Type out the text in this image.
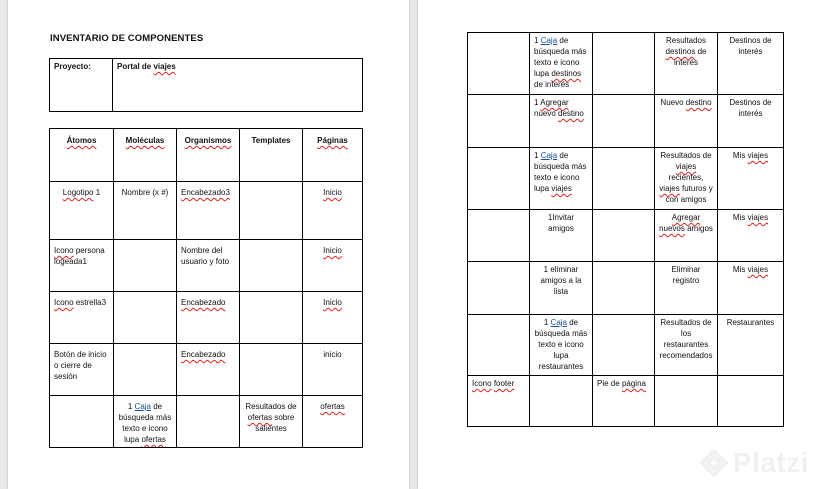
INVENTARIO DE COMPONENTES
Proyecto:	Portal de viajes
Átomos	Moléculas	Organismos	Templates	Páginas

Logotipo 1	Nombre (x #)	Encabezado3		Inicio

Icono persona logeada1		Nombre del usuario y foto		Inicio

Icono estrella3		Encabezado		Inicio

Botón de inicio o cierre de sesión		Encabezado		inicio

	1 Caja de búsqueda más texto e icono lupa ofertas		Resultados de ofertas sobre salientes	ofertas

	1 Caja de búsqueda más texto e icono lupa destinos de interés		Resultados destinos de interés	Destinos de interés

	1 Agregar nuevo destino		Nuevo destino	Destinos de interés

	1 Caja de búsqueda más texto e icono lupa viajes		Resultados de viajes recientes, viajes futuros y con amigos	Mis viajes

	1Invitar amigos		Agregar nuevos amigos	Mis viajes

	1 eliminar amigos a la lista		Eliminar registro	Mis viajes

	1 Caja de búsqueda más texto e icono lupa restaurantes		Resultados de los restaurantes recomendados	Restaurantes

Icono footer		Pie de página		

Platzi
